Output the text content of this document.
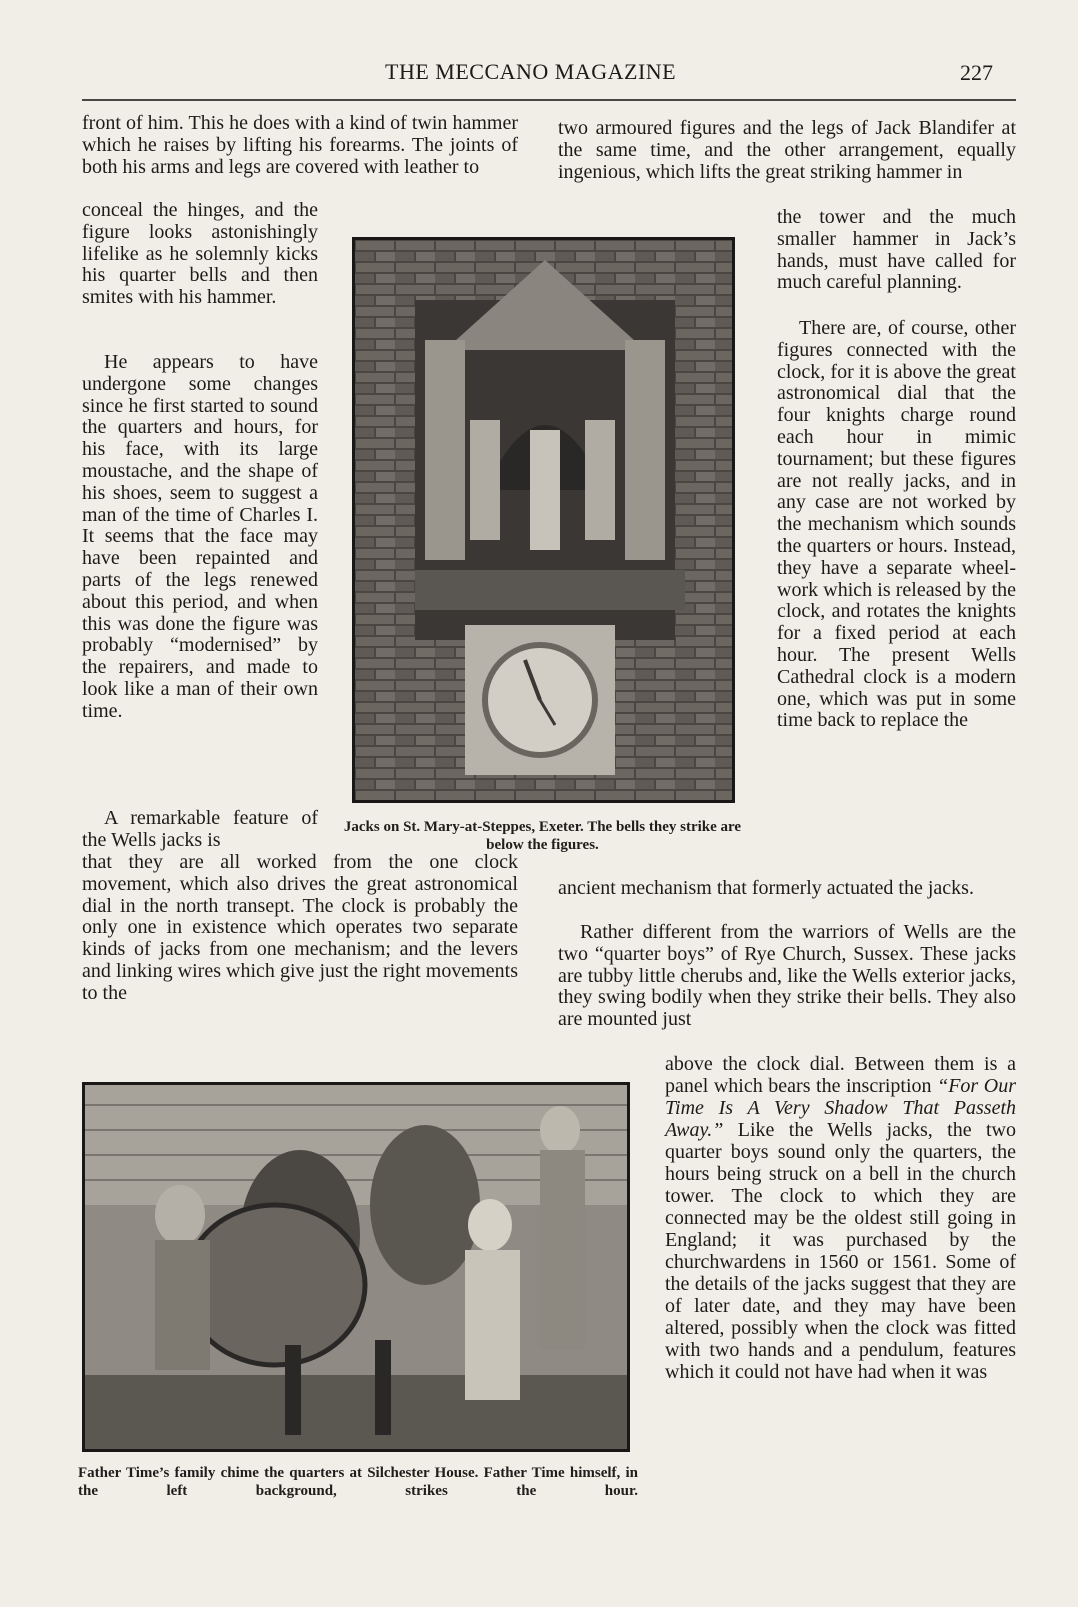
THE MECCANO MAGAZINE	227

front of him. This he does with a kind of twin hammer which he raises by lifting his forearms. The joints of both his arms and legs are covered with leather to

conceal the hinges, and the figure looks astonishingly lifelike as he solemnly kicks his quarter bells and then smites with his hammer.

He appears to have undergone some changes since he first started to sound the quarters and hours, for his face, with its large moustache, and the shape of his shoes, seem to suggest a man of the time of Charles I. It seems that the face may have been repainted and parts of the legs renewed about this period, and when this was done the figure was probably “modernised” by the repairers, and made to look like a man of their own time.

A remarkable feature of the Wells jacks is

that they are all worked from the one clock movement, which also drives the great astronomical dial in the north transept. The clock is probably the only one in existence which operates two separate kinds of jacks from one mechanism; and the levers and linking wires which give just the right movements to the

Jacks on St. Mary-at-Steppes, Exeter. The bells they strike are below the figures.

two armoured figures and the legs of Jack Blandifer at the same time, and the other arrangement, equally ingenious, which lifts the great striking hammer in

the tower and the much smaller hammer in Jack’s hands, must have called for much careful planning.

There are, of course, other figures connected with the clock, for it is above the great astronomical dial that the four knights charge round each hour in mimic tournament; but these figures are not really jacks, and in any case are not worked by the mechanism which sounds the quarters or hours. Instead, they have a separate wheel-work which is released by the clock, and rotates the knights for a fixed period at each hour. The present Wells Cathedral clock is a modern one, which was put in some time back to replace the

ancient mechanism that formerly actuated the jacks.

Rather different from the warriors of Wells are the two “quarter boys” of Rye Church, Sussex. These jacks are tubby little cherubs and, like the Wells exterior jacks, they swing bodily when they strike their bells. They also are mounted just

above the clock dial. Between them is a panel which bears the inscription “For Our Time Is A Very Shadow That Passeth Away.” Like the Wells jacks, the two quarter boys sound only the quarters, the hours being struck on a bell in the church tower. The clock to which they are connected may be the oldest still going in England; it was purchased by the churchwardens in 1560 or 1561. Some of the details of the jacks suggest that they are of later date, and they may have been altered, possibly when the clock was fitted with two hands and a pendulum, features which it could not have had when it was

Father Time’s family chime the quarters at Silchester House. Father Time himself, in the left background, strikes the hour.
